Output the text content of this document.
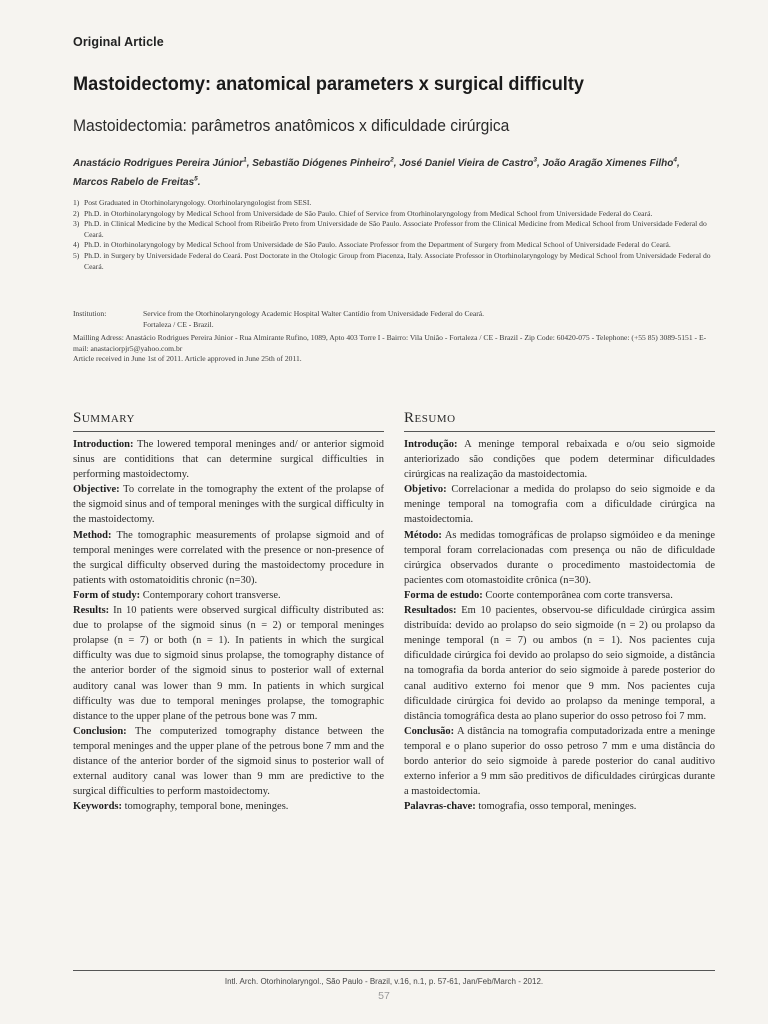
Original Article
Mastoidectomy: anatomical parameters x surgical difficulty
Mastoidectomia: parâmetros anatômicos x dificuldade cirúrgica
Anastácio Rodrigues Pereira Júnior$^1$, Sebastião Diógenes Pinheiro$^2$, José Daniel Vieira de Castro$^3$, João Aragão Ximenes Filho$^4$,
Marcos Rabelo de Freitas$^5$.
1) Post Graduated in Otorhinolaryngology. Otorhinolaryngologist from SESI.
2) Ph.D. in Otorhinolaryngology by Medical School from Universidade de São Paulo. Chief of Service from Otorhinolaryngology from Medical School from Universidade Federal do Ceará.
3) Ph.D. in Clinical Medicine by the Medical School from Ribeirão Preto from Universidade de São Paulo. Associate Professor from the Clinical Medicine from Medical School from Universidade Federal do Ceará.
4) Ph.D. in Otorhinolaryngology by Medical School from Universidade de São Paulo. Associate Professor from the Department of Surgery from Medical School of Universidade Federal do Ceará.
5) Ph.D. in Surgery by Universidade Federal do Ceará. Post Doctorate in the Otologic Group from Piacenza, Italy. Associate Professor in Otorhinolaryngology by Medical School from Universidade Federal do Ceará.
Institution:	Service from the Otorhinolaryngology Academic Hospital Walter Cantídio from Universidade Federal do Ceará.
Fortaleza / CE - Brazil.
Mailling Adress: Anastácio Rodrigues Pereira Júnior - Rua Almirante Rufino, 1089, Apto 403 Torre I - Bairro: Vila União - Fortaleza / CE - Brazil - Zip Code: 60420-075 - Telephone: (+55 85) 3089-5151 - E-mail: anastaciorpjr5@yahoo.com.br
Article received in June 1st of 2011. Article approved in June 25th of 2011.
Summary	Resumo

Introduction: The lowered temporal meninges and/ or anterior sigmoid sinus are contiditions that can determine surgical difficulties in performing mastoidectomy.

Objective: To correlate in the tomography the extent of the prolapse of the sigmoid sinus and of temporal meninges with the surgical difficulty in the mastoidectomy.

Method: The tomographic measurements of prolapse sigmoid and of temporal meninges were correlated with the presence or non-presence of the surgical difficulty observed during the mastoidectomy procedure in patients with ostomatoiditis chronic (n=30).

Form of study: Contemporary cohort transverse.

Results: In 10 patients were observed surgical difficulty distributed as: due to prolapse of the sigmoid sinus (n = 2) or temporal meninges prolapse (n = 7) or both (n = 1). In patients in which the surgical difficulty was due to sigmoid sinus prolapse, the tomography distance of the anterior border of the sigmoid sinus to posterior wall of external auditory canal was lower than 9 mm. In patients in which surgical difficulty was due to temporal meninges prolapse, the tomographic distance to the upper plane of the petrous bone was 7 mm.

Conclusion: The computerized tomography distance between the temporal meninges and the upper plane of the petrous bone 7 mm and the distance of the anterior border of the sigmoid sinus to posterior wall of external auditory canal was lower than 9 mm are predictive to the surgical difficulties to perform mastoidectomy.

Keywords: tomography, temporal bone, meninges.

Introdução: A meninge temporal rebaixada e o/ou seio sigmoide anteriorizado são condições que podem determinar dificuldades cirúrgicas na realização da mastoidectomia.

Objetivo: Correlacionar a medida do prolapso do seio sigmoide e da meninge temporal na tomografia com a dificuldade cirúrgica na mastoidectomia.

Método: As medidas tomográficas de prolapso sigmóideo e da meninge temporal foram correlacionadas com presença ou não de dificuldade cirúrgica observados durante o procedimento mastoidectomia de pacientes com otomastoidite crônica (n=30).

Forma de estudo: Coorte contemporânea com corte transversa.

Resultados: Em 10 pacientes, observou-se dificuldade cirúrgica assim distribuída: devido ao prolapso do seio sigmoide (n = 2) ou prolapso da meninge temporal (n = 7) ou ambos (n = 1). Nos pacientes cuja dificuldade cirúrgica foi devido ao prolapso do seio sigmoide, a distância na tomografia da borda anterior do seio sigmoide à parede posterior do canal auditivo externo foi menor que 9 mm. Nos pacientes cuja dificuldade cirúrgica foi devido ao prolapso da meninge temporal, a distância tomográfica desta ao plano superior do osso petroso foi 7 mm.

Conclusão: A distância na tomografia computadorizada entre a meninge temporal e o plano superior do osso petroso 7 mm e uma distância do bordo anterior do seio sigmoide à parede posterior do canal auditivo externo inferior a 9 mm são preditivos de dificuldades cirúrgicas durante a mastoidectomia.

Palavras-chave: tomografia, osso temporal, meninges.

Intl. Arch. Otorhinolaryngol., São Paulo - Brazil, v.16, n.1, p. 57-61, Jan/Feb/March - 2012.
57
